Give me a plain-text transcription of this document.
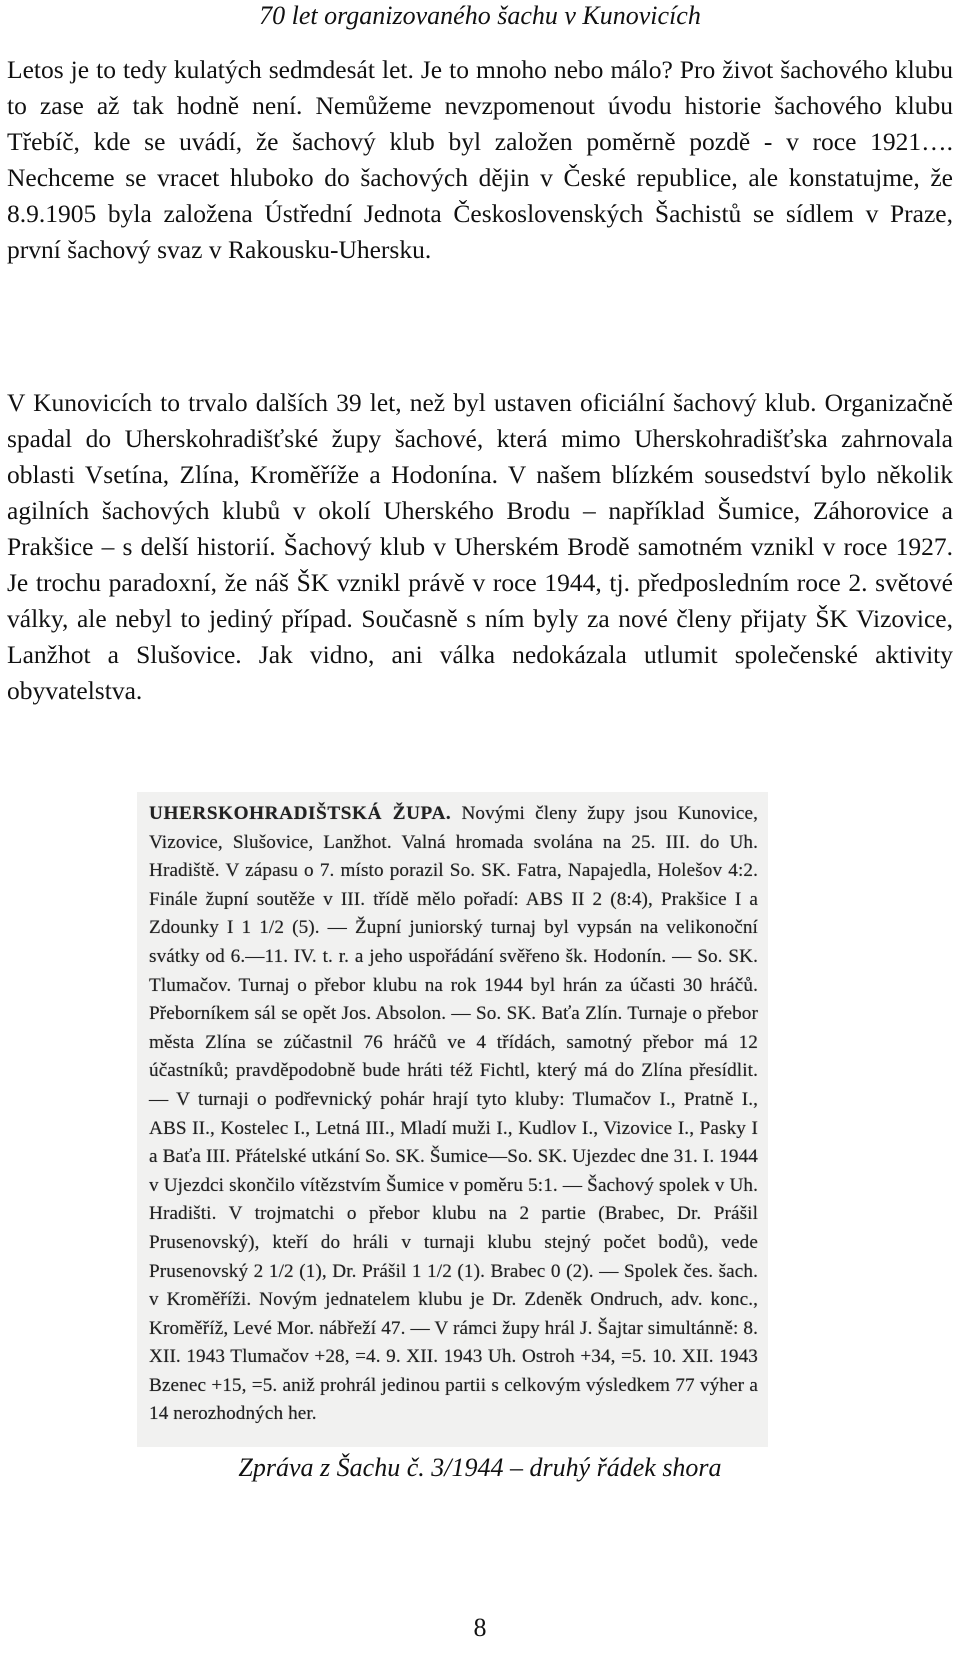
70 let organizovaného šachu v Kunovicích

Letos je to tedy kulatých sedmdesát let. Je to mnoho nebo málo? Pro život šachového klubu to zase až tak hodně není. Nemůžeme nevzpomenout úvodu historie šachového klubu Třebíč, kde se uvádí, že šachový klub byl založen poměrně pozdě - v roce 1921…. Nechceme se vracet hluboko do šachových dějin v České republice, ale konstatujme, že 8.9.1905 byla založena Ústřední Jednota Československých Šachistů se sídlem v Praze, první šachový svaz v Rakousku-Uhersku.

V Kunovicích to trvalo dalších 39 let, než byl ustaven oficiální šachový klub. Organizačně spadal do Uherskohradišťské župy šachové, která mimo Uherskohradišťska zahrnovala oblasti Vsetína, Zlína, Kroměříže a Hodonína. V našem blízkém sousedství bylo několik agilních šachových klubů v okolí Uherského Brodu – například Šumice, Záhorovice a Prakšice – s delší historií. Šachový klub v Uherském Brodě samotném vznikl v roce 1927. Je trochu paradoxní, že náš ŠK vznikl právě v roce 1944, tj. předposledním roce 2. světové války, ale nebyl to jediný případ. Současně s ním byly za nové členy přijaty ŠK Vizovice, Lanžhot a Slušovice. Jak vidno, ani válka nedokázala utlumit společenské aktivity obyvatelstva.

UHERSKOHRADIŠTSKÁ ŽUPA. Novými členy župy jsou Kunovice, Vizovice, Slušovice, Lanžhot. Valná hromada svolána na 25. III. do Uh. Hradiště. V zápasu o 7. místo porazil So. SK. Fatra, Napajedla, Holešov 4:2. Finále župní soutěže v III. třídě mělo pořadí: ABS II 2 (8:4), Prakšice I a Zdounky I 1 1/2 (5). — Župní juniorský turnaj byl vypsán na velikonoční svátky od 6.—11. IV. t. r. a jeho uspořádání svěřeno šk. Hodonín. — So. SK. Tlumačov. Turnaj o přebor klubu na rok 1944 byl hrán za účasti 30 hráčů. Přeborníkem sál se opět Jos. Absolon. — So. SK. Baťa Zlín. Turnaje o přebor města Zlína se zúčastnil 76 hráčů ve 4 třídách, samotný přebor má 12 účastníků; pravděpodobně bude hráti též Fichtl, který má do Zlína přesídlit. — V turnaji o podřevnický pohár hrají tyto kluby: Tlumačov I., Pratně I., ABS II., Kostelec I., Letná III., Mladí muži I., Kudlov I., Vizovice I., Pasky I a Baťa III. Přátelské utkání So. SK. Šumice—So. SK. Ujezdec dne 31. I. 1944 v Ujezdci skončilo vítězstvím Šumice v poměru 5:1. — Šachový spolek v Uh. Hradišti. V trojmatchi o přebor klubu na 2 partie (Brabec, Dr. Prášil Prusenovský), kteří do hráli v turnaji klubu stejný počet bodů), vede Prusenovský 2 1/2 (1), Dr. Prášil 1 1/2 (1). Brabec 0 (2). — Spolek čes. šach. v Kroměříži. Novým jednatelem klubu je Dr. Zdeněk Ondruch, adv. konc., Kroměříž, Levé Mor. nábřeží 47. — V rámci župy hrál J. Šajtar simultánně: 8. XII. 1943 Tlumačov +28, =4. 9. XII. 1943 Uh. Ostroh +34, =5. 10. XII. 1943 Bzenec +15, =5. aniž prohrál jedinou partii s celkovým výsledkem 77 výher a 14 nerozhodných her.

Zpráva z Šachu č. 3/1944 – druhý řádek shora
8
